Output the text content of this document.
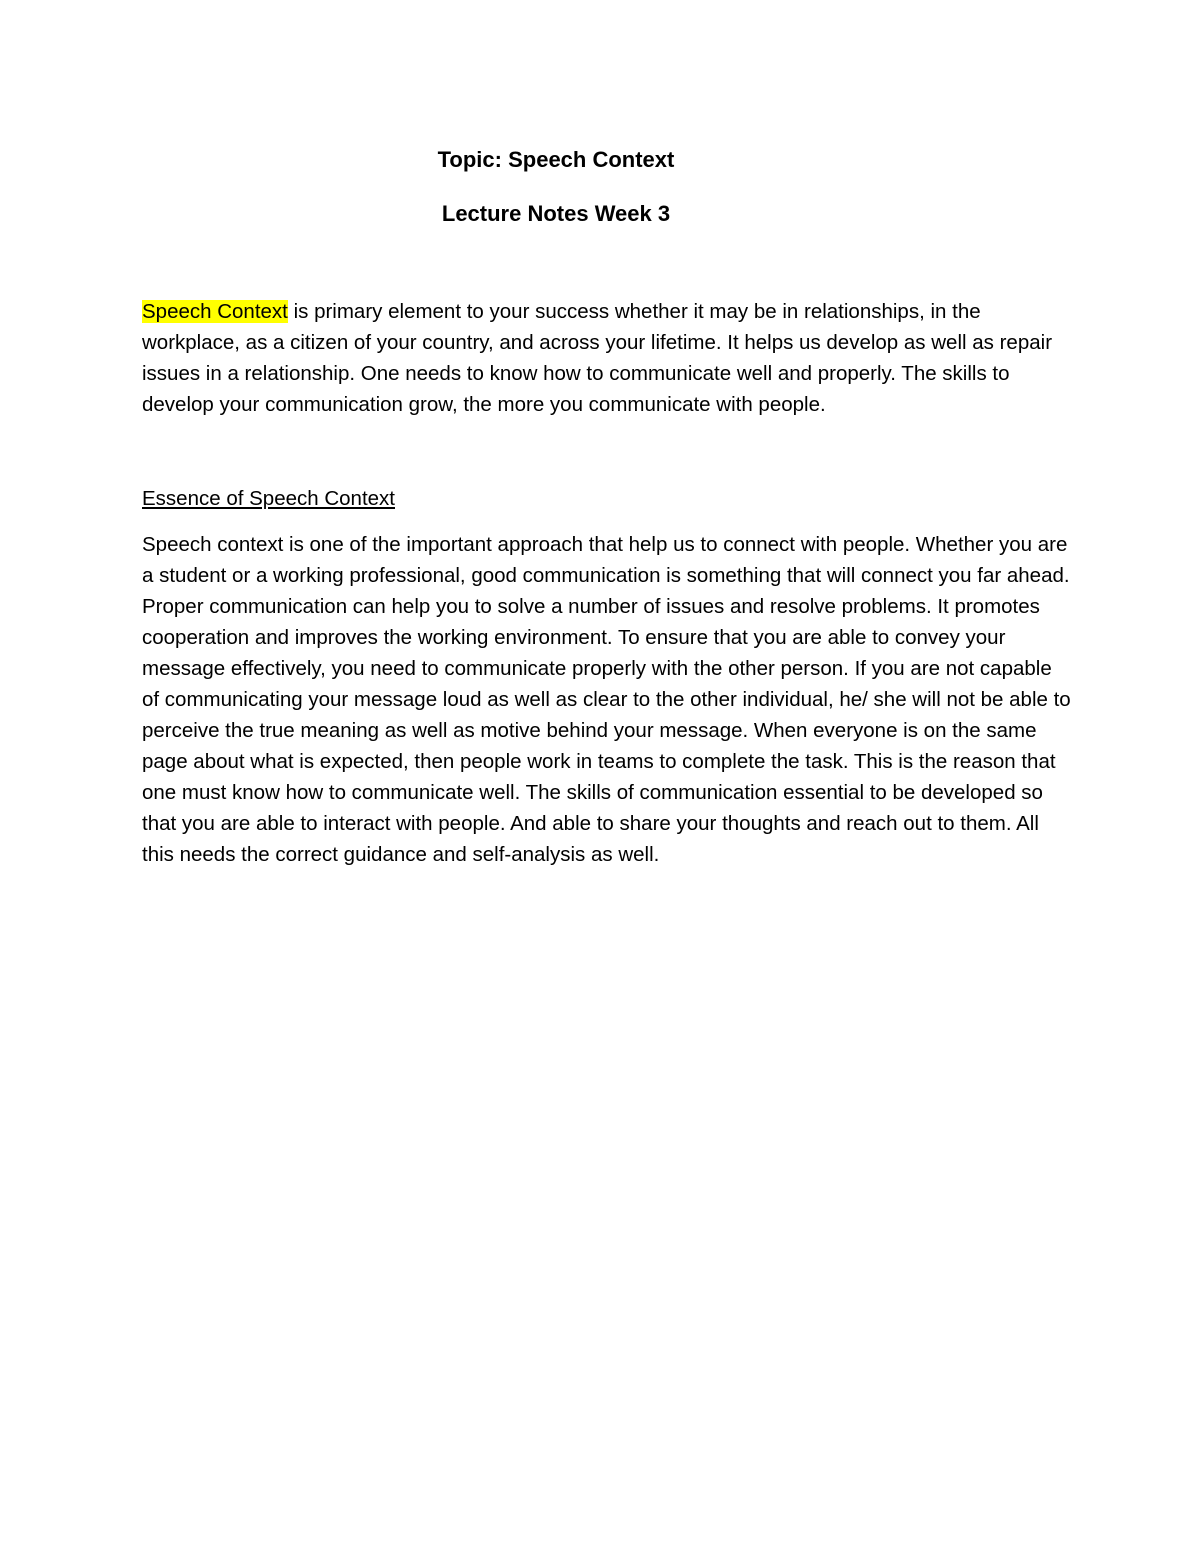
Topic: Speech Context
Lecture Notes Week 3

Speech Context is primary element to your success whether it may be in relationships, in the workplace, as a citizen of your country, and across your lifetime. It helps us develop as well as repair issues in a relationship. One needs to know how to communicate well and properly. The skills to develop your communication grow, the more you communicate with people.

Essence of Speech Context

Speech context is one of the important approach that help us to connect with people. Whether you are a student or a working professional, good communication is something that will connect you far ahead. Proper communication can help you to solve a number of issues and resolve problems. It promotes cooperation and improves the working environment. To ensure that you are able to convey your message effectively, you need to communicate properly with the other person. If you are not capable of communicating your message loud as well as clear to the other individual, he/ she will not be able to perceive the true meaning as well as motive behind your message. When everyone is on the same page about what is expected, then people work in teams to complete the task. This is the reason that one must know how to communicate well. The skills of communication essential to be developed so that you are able to interact with people. And able to share your thoughts and reach out to them. All this needs the correct guidance and self-analysis as well.
